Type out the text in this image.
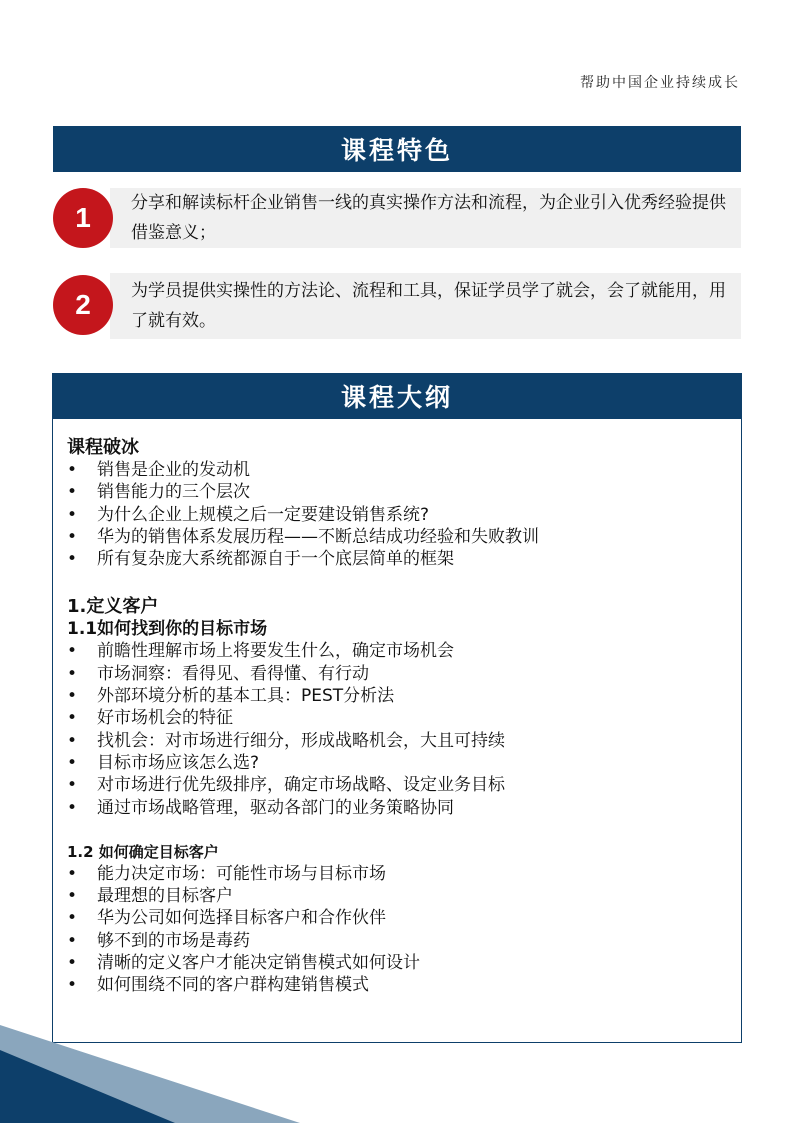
帮助中国企业持续成长
课程特色
分享和解读标杆企业销售一线的真实操作方法和流程，为企业引入优秀经验提供借鉴意义；
1
为学员提供实操性的方法论、流程和工具，保证学员学了就会，会了就能用，用了就有效。
2
课程大纲
课程破冰
• 销售是企业的发动机
• 销售能力的三个层次
• 为什么企业上规模之后一定要建设销售系统?
• 华为的销售体系发展历程——不断总结成功经验和失败教训
• 所有复杂庞大系统都源自于一个底层简单的框架
1.定义客户
1.1如何找到你的目标市场
• 前瞻性理解市场上将要发生什么，确定市场机会
• 市场洞察：看得见、看得懂、有行动
• 外部环境分析的基本工具：PEST分析法
• 好市场机会的特征
• 找机会：对市场进行细分，形成战略机会，大且可持续
• 目标市场应该怎么选?
• 对市场进行优先级排序，确定市场战略、设定业务目标
• 通过市场战略管理，驱动各部门的业务策略协同
1.2 如何确定目标客户
• 能力决定市场：可能性市场与目标市场
• 最理想的目标客户
• 华为公司如何选择目标客户和合作伙伴
• 够不到的市场是毒药
• 清晰的定义客户才能决定销售模式如何设计
• 如何围绕不同的客户群构建销售模式
